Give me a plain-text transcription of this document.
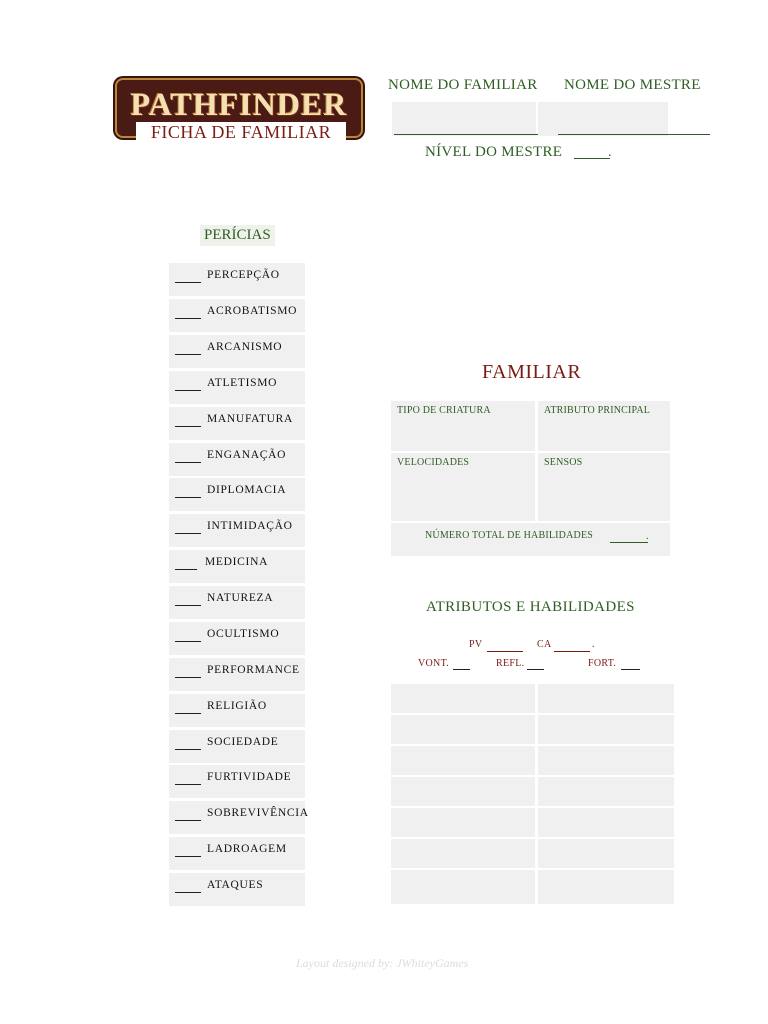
PATHFINDER
FICHA DE FAMILIAR
NOME DO FAMILIAR NOME DO MESTRE
NÍVEL DO MESTRE	.
PERÍCIAS
PERCEPÇÃO
ACROBATISMO
ARCANISMO
ATLETISMO
MANUFATURA
ENGANAÇÃO
DIPLOMACIA
INTIMIDAÇÃO
MEDICINA
NATUREZA
OCULTISMO
PERFORMANCE
RELIGIÃO
SOCIEDADE
FURTIVIDADE
SOBREVIVÊNCIA
LADROAGEM
ATAQUES
FAMILIAR
TIPO DE CRIATURA	ATRIBUTO PRINCIPAL
VELOCIDADES	SENSOS
NÚMERO TOTAL DE HABILIDADES	.
ATRIBUTOS E HABILIDADES
PV	CA	.
VONT.	REFL.	FORT.
Layout designed by: JWhiteyGames
